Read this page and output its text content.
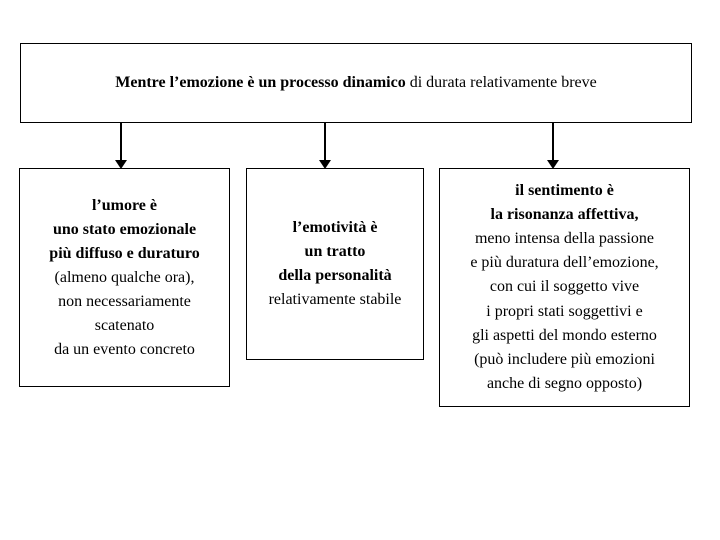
Mentre l’emozione è un processo dinamico di durata relativamente breve
l’umore è
uno stato emozionale
più diffuso e duraturo
(almeno qualche ora),
non necessariamente
scatenato
da un evento concreto
l’emotività è
un tratto
della personalità
relativamente stabile
il sentimento è
la risonanza affettiva,
meno intensa della passione
e più duratura dell’emozione,
con cui il soggetto vive
i propri stati soggettivi e
gli aspetti del mondo esterno
(può includere più emozioni
anche di segno opposto)
